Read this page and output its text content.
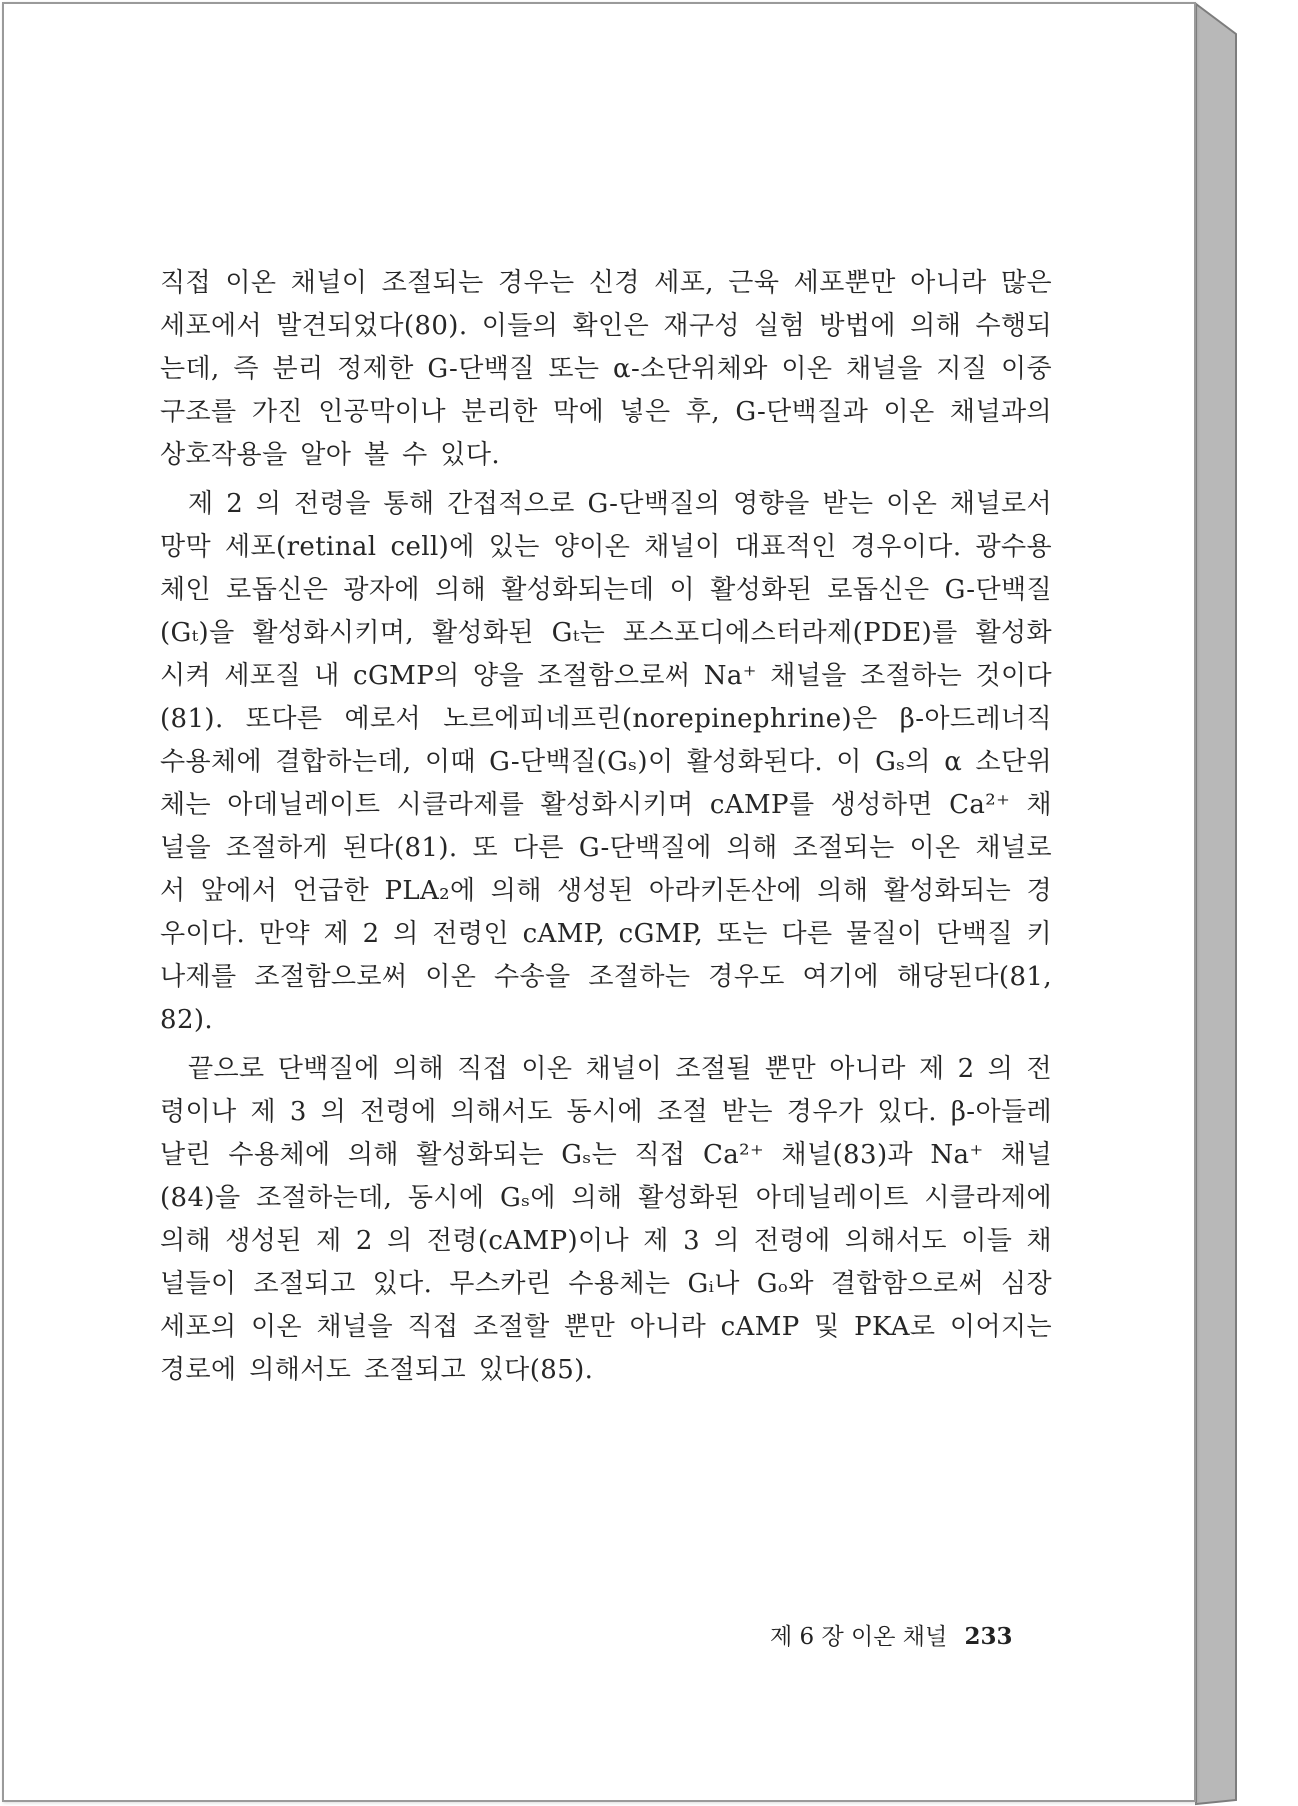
직접 이온 채널이 조절되는 경우는 신경 세포, 근육 세포뿐만 아니라 많은 세포에서 발견되었다(80). 이들의 확인은 재구성 실험 방법에 의해 수행되는데, 즉 분리 정제한 G-단백질 또는 α-소단위체와 이온 채널을 지질 이중구조를 가진 인공막이나 분리한 막에 넣은 후, G-단백질과 이온 채널과의 상호작용을 알아 볼 수 있다.

제 2 의 전령을 통해 간접적으로 G-단백질의 영향을 받는 이온 채널로서 망막 세포(retinal cell)에 있는 양이온 채널이 대표적인 경우이다. 광수용체인 로돕신은 광자에 의해 활성화되는데 이 활성화된 로돕신은 G-단백질(Gₜ)을 활성화시키며, 활성화된 Gₜ는 포스포디에스터라제(PDE)를 활성화시켜 세포질 내 cGMP의 양을 조절함으로써 Na⁺ 채널을 조절하는 것이다(81). 또다른 예로서 노르에피네프린(norepinephrine)은 β-아드레너직 수용체에 결합하는데, 이때 G-단백질(Gₛ)이 활성화된다. 이 Gₛ의 α 소단위체는 아데닐레이트 시클라제를 활성화시키며 cAMP를 생성하면 Ca²⁺ 채널을 조절하게 된다(81). 또 다른 G-단백질에 의해 조절되는 이온 채널로서 앞에서 언급한 PLA₂에 의해 생성된 아라키돈산에 의해 활성화되는 경우이다. 만약 제 2 의 전령인 cAMP, cGMP, 또는 다른 물질이 단백질 키나제를 조절함으로써 이온 수송을 조절하는 경우도 여기에 해당된다(81, 82).

끝으로 단백질에 의해 직접 이온 채널이 조절될 뿐만 아니라 제 2 의 전령이나 제 3 의 전령에 의해서도 동시에 조절 받는 경우가 있다. β-아들레날린 수용체에 의해 활성화되는 Gₛ는 직접 Ca²⁺ 채널(83)과 Na⁺ 채널(84)을 조절하는데, 동시에 Gₛ에 의해 활성화된 아데닐레이트 시클라제에 의해 생성된 제 2 의 전령(cAMP)이나 제 3 의 전령에 의해서도 이들 채널들이 조절되고 있다. 무스카린 수용체는 Gᵢ나 Gₒ와 결합함으로써 심장 세포의 이온 채널을 직접 조절할 뿐만 아니라 cAMP 및 PKA로 이어지는 경로에 의해서도 조절되고 있다(85).

제 6 장 이온 채널 233
